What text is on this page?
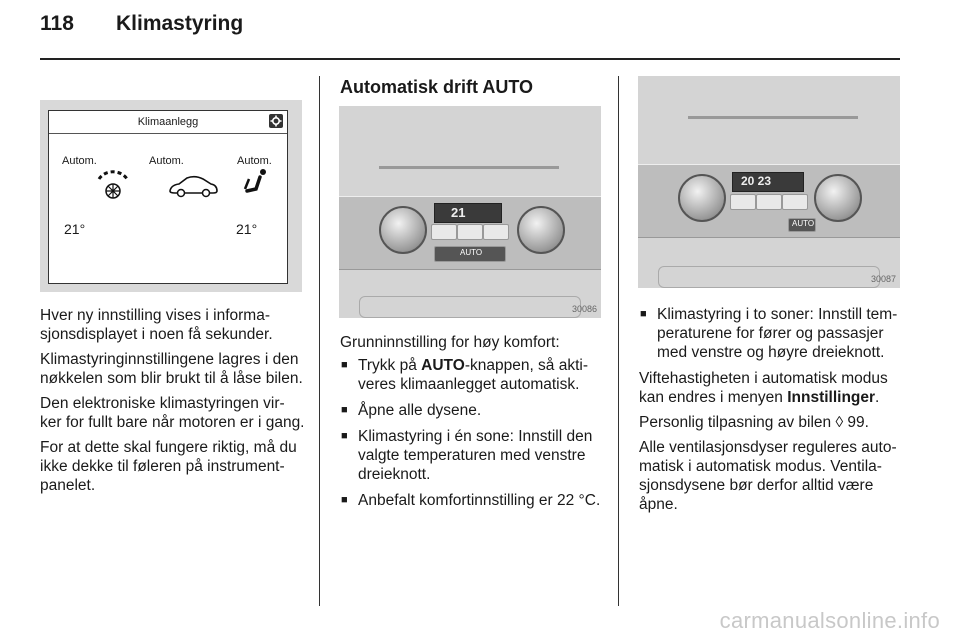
118 Klimastyring
Klimaanlegg
Autom.	Autom.	Autom.
21°	21°

Hver ny innstilling vises i informa- sjonsdisplayet i noen få sekunder.

Klimastyringinnstillingene lagres i den nøkkelen som blir brukt til å låse bilen.

Den elektroniske klimastyringen vir- ker for fullt bare når motoren er i gang.

For at dette skal fungere riktig, må du ikke dekke til føleren på instrument- panelet.

Automatisk drift AUTO
21
AUTO
30086

Grunninnstilling for høy komfort:

■ Trykk på AUTO-knappen, så akti- veres klimaanlegget automatisk.
■ Åpne alle dysene.
■ Klimastyring i én sone: Innstill den valgte temperaturen med venstre dreieknott.
■ Anbefalt komfortinnstilling er 22 °C.
20 23
AUTO
30087
■ Klimastyring i to soner: Innstill tem- peraturene for fører og passasjer med venstre og høyre dreieknott.

Viftehastigheten i automatisk modus kan endres i menyen Innstillinger.

Personlig tilpasning av bilen ◊ 99.

Alle ventilasjonsdyser reguleres auto- matisk i automatisk modus. Ventila- sjonsdysene bør derfor alltid være åpne.

carmanualsonline.info
